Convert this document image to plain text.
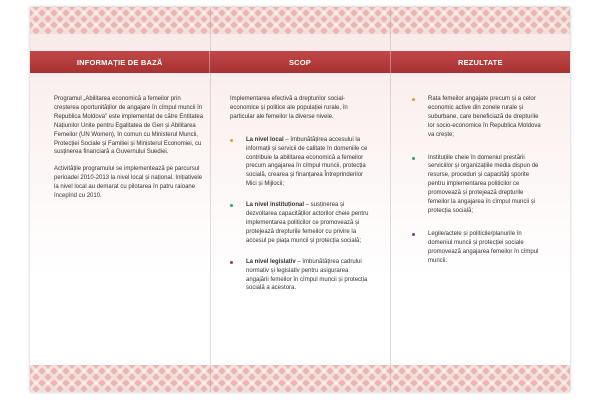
INFORMAȚIE DE BAZĂ	SCOP	REZULTATE

Programul „Abilitarea economică a femeilor prin creșterea oportunităților de angajare în cîmpul muncii în Republica Moldova” este implementat de către Entitatea Națiunilor Unite pentru Egalitatea de Gen și Abilitarea Femeilor (UN Women), în comun cu Ministerul Muncii, Protecției Sociale și Familiei și Ministerul Economiei, cu susținerea financiară a Guvernului Suediei.

Activitățile programului se implementează pe parcursul perioadei 2010-2013 la nivel local și național. Inițiativele la nivel local au demarat cu pilotarea în patru raioane începînd cu 2010.

Implementarea efectivă a drepturilor social-economice și politice ale populației rurale, în particular ale femeilor la diverse nivele.

La nivel local – îmbunătățirea accesului la informații și servicii de calitate în domeniile ce contribuie la abilitarea economică a femeilor precum angajarea în cîmpul muncii, protecția socială, crearea și finanțarea Întreprinderilor Mici și Mijlocii;
La nivel instituțional – susținerea și dezvoltarea capacităților actorilor cheie pentru implementarea politicilor ce promovează și protejează drepturile femeilor cu privire la accesul pe piața muncii și protecția socială;
La nivel legislativ – îmbunătățirea cadrului normativ și legislativ pentru asigurarea angajării femeilor în cîmpul muncii și protecția socială a acestora.
Rata femeilor angajate precum și a celor economic active din zonele rurale și suburbane, care beneficiază de drepturile lor socio-economice în Republica Moldova va crește;
Instituțiile cheie în domeniul prestării serviciilor și organizațiile media dispun de resurse, proceduri și capacități sporite pentru implementarea politicilor ce promovează și protejează drepturile femeilor la angajarea în cîmpul muncii și protecția socială;
Legile/actele și politicile/planurile în domeniul muncii și protecției sociale promovează angajarea femeilor în cîmpul muncii.
